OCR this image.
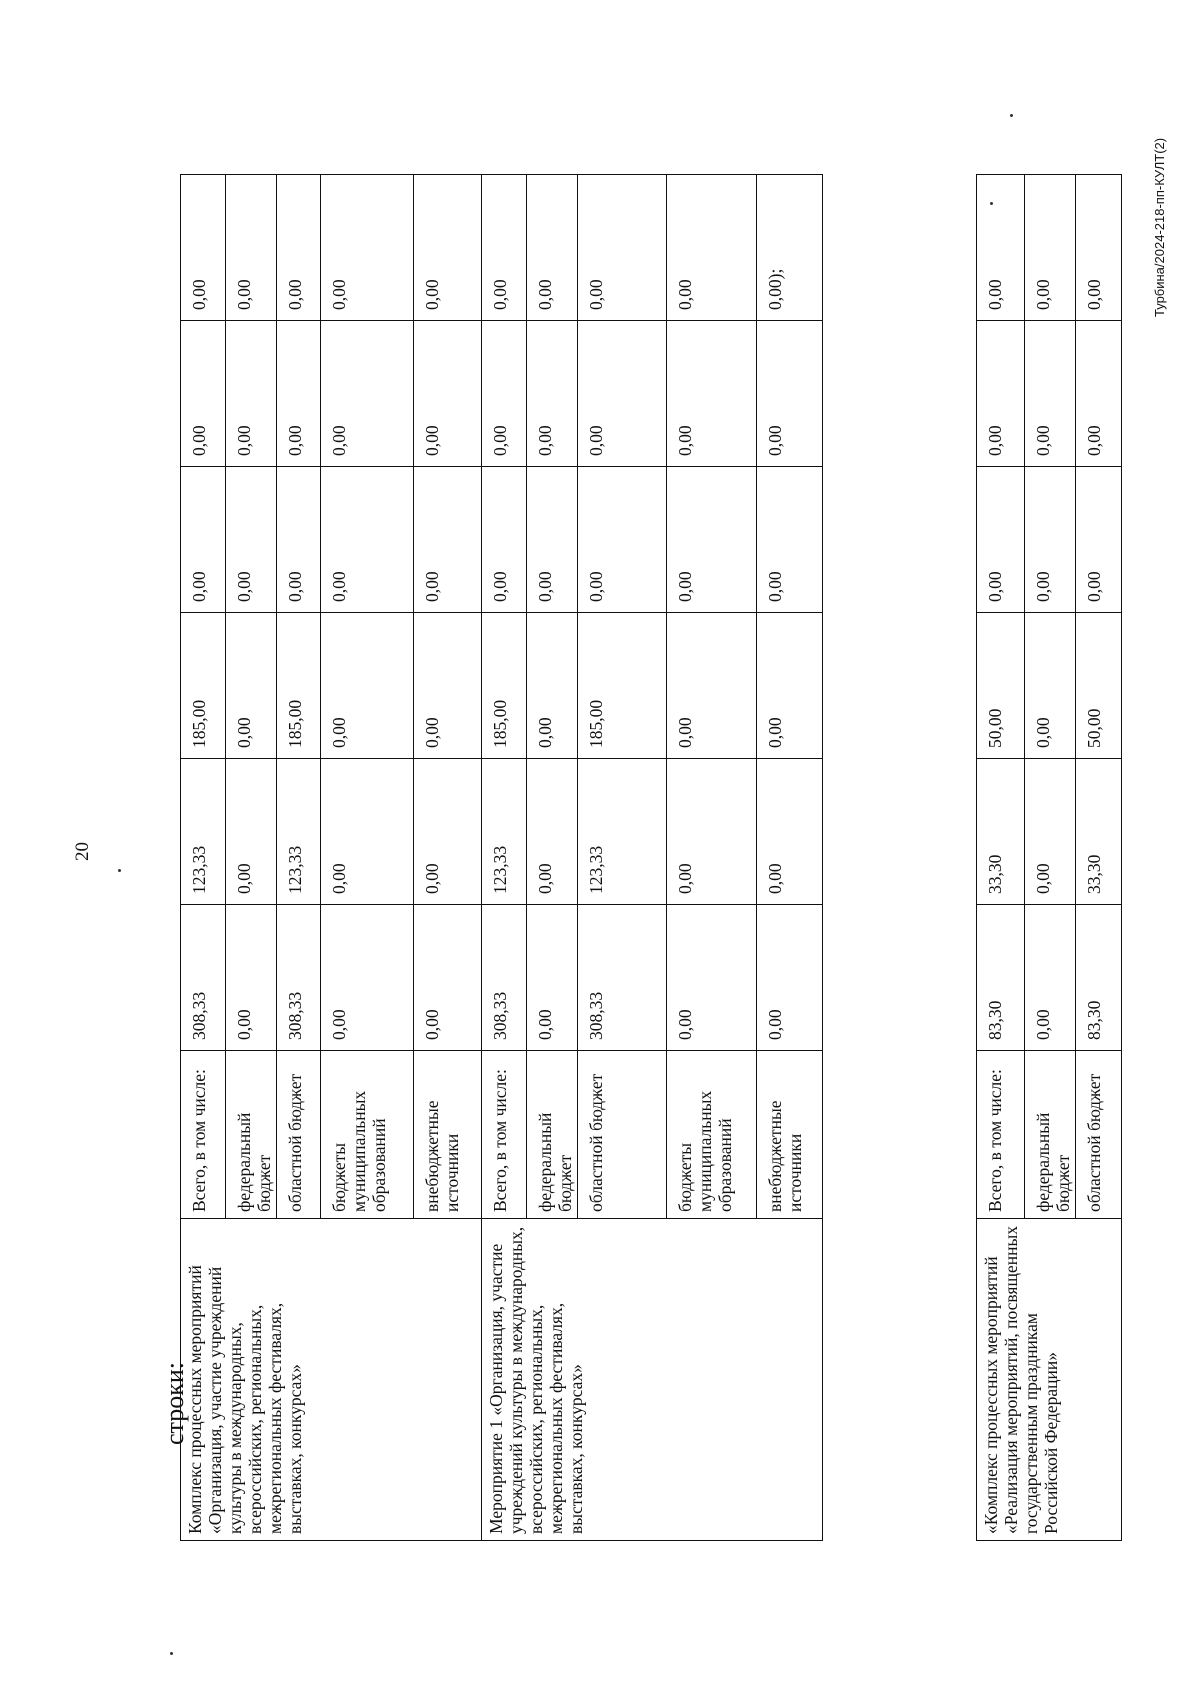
20
Комплекс процессных мероприятий «Организация, участие учреждений культуры в международных, всероссийских, региональных, межрегиональных фестивалях, выставках, конкурсах»	Всего, в том числе:	308,33	123,33	185,00	0,00	0,00	0,00
	федеральный бюджет	0,00	0,00	0,00	0,00	0,00	0,00
	областной бюджет	308,33	123,33	185,00	0,00	0,00	0,00
	бюджеты муниципальных образований	0,00	0,00	0,00	0,00	0,00	0,00
	внебюджетные источники	0,00	0,00	0,00	0,00	0,00	0,00
Мероприятие 1 «Организация, участие учреждений культуры в международных, всероссийских, региональных, межрегиональных фестивалях, выставках, конкурсах»	Всего, в том числе:	308,33	123,33	185,00	0,00	0,00	0,00
	федеральный бюджет	0,00	0,00	0,00	0,00	0,00	0,00
	областной бюджет	308,33	123,33	185,00	0,00	0,00	0,00
	бюджеты муниципальных образований	0,00	0,00	0,00	0,00	0,00	0,00
	внебюджетные источники	0,00	0,00	0,00	0,00	0,00	0,00);
строки:	«Комплекс процессных мероприятий «Реализация мероприятий, посвященных государственным праздникам Российской Федерации»	Всего, в том числе:	83,30	33,30	50,00	0,00	0,00	0,00
	федеральный бюджет	0,00	0,00	0,00	0,00	0,00	0,00
	областной бюджет	83,30	33,30	50,00	0,00	0,00	0,00	Турбина/2024-218-пп-КУЛТ(2)
